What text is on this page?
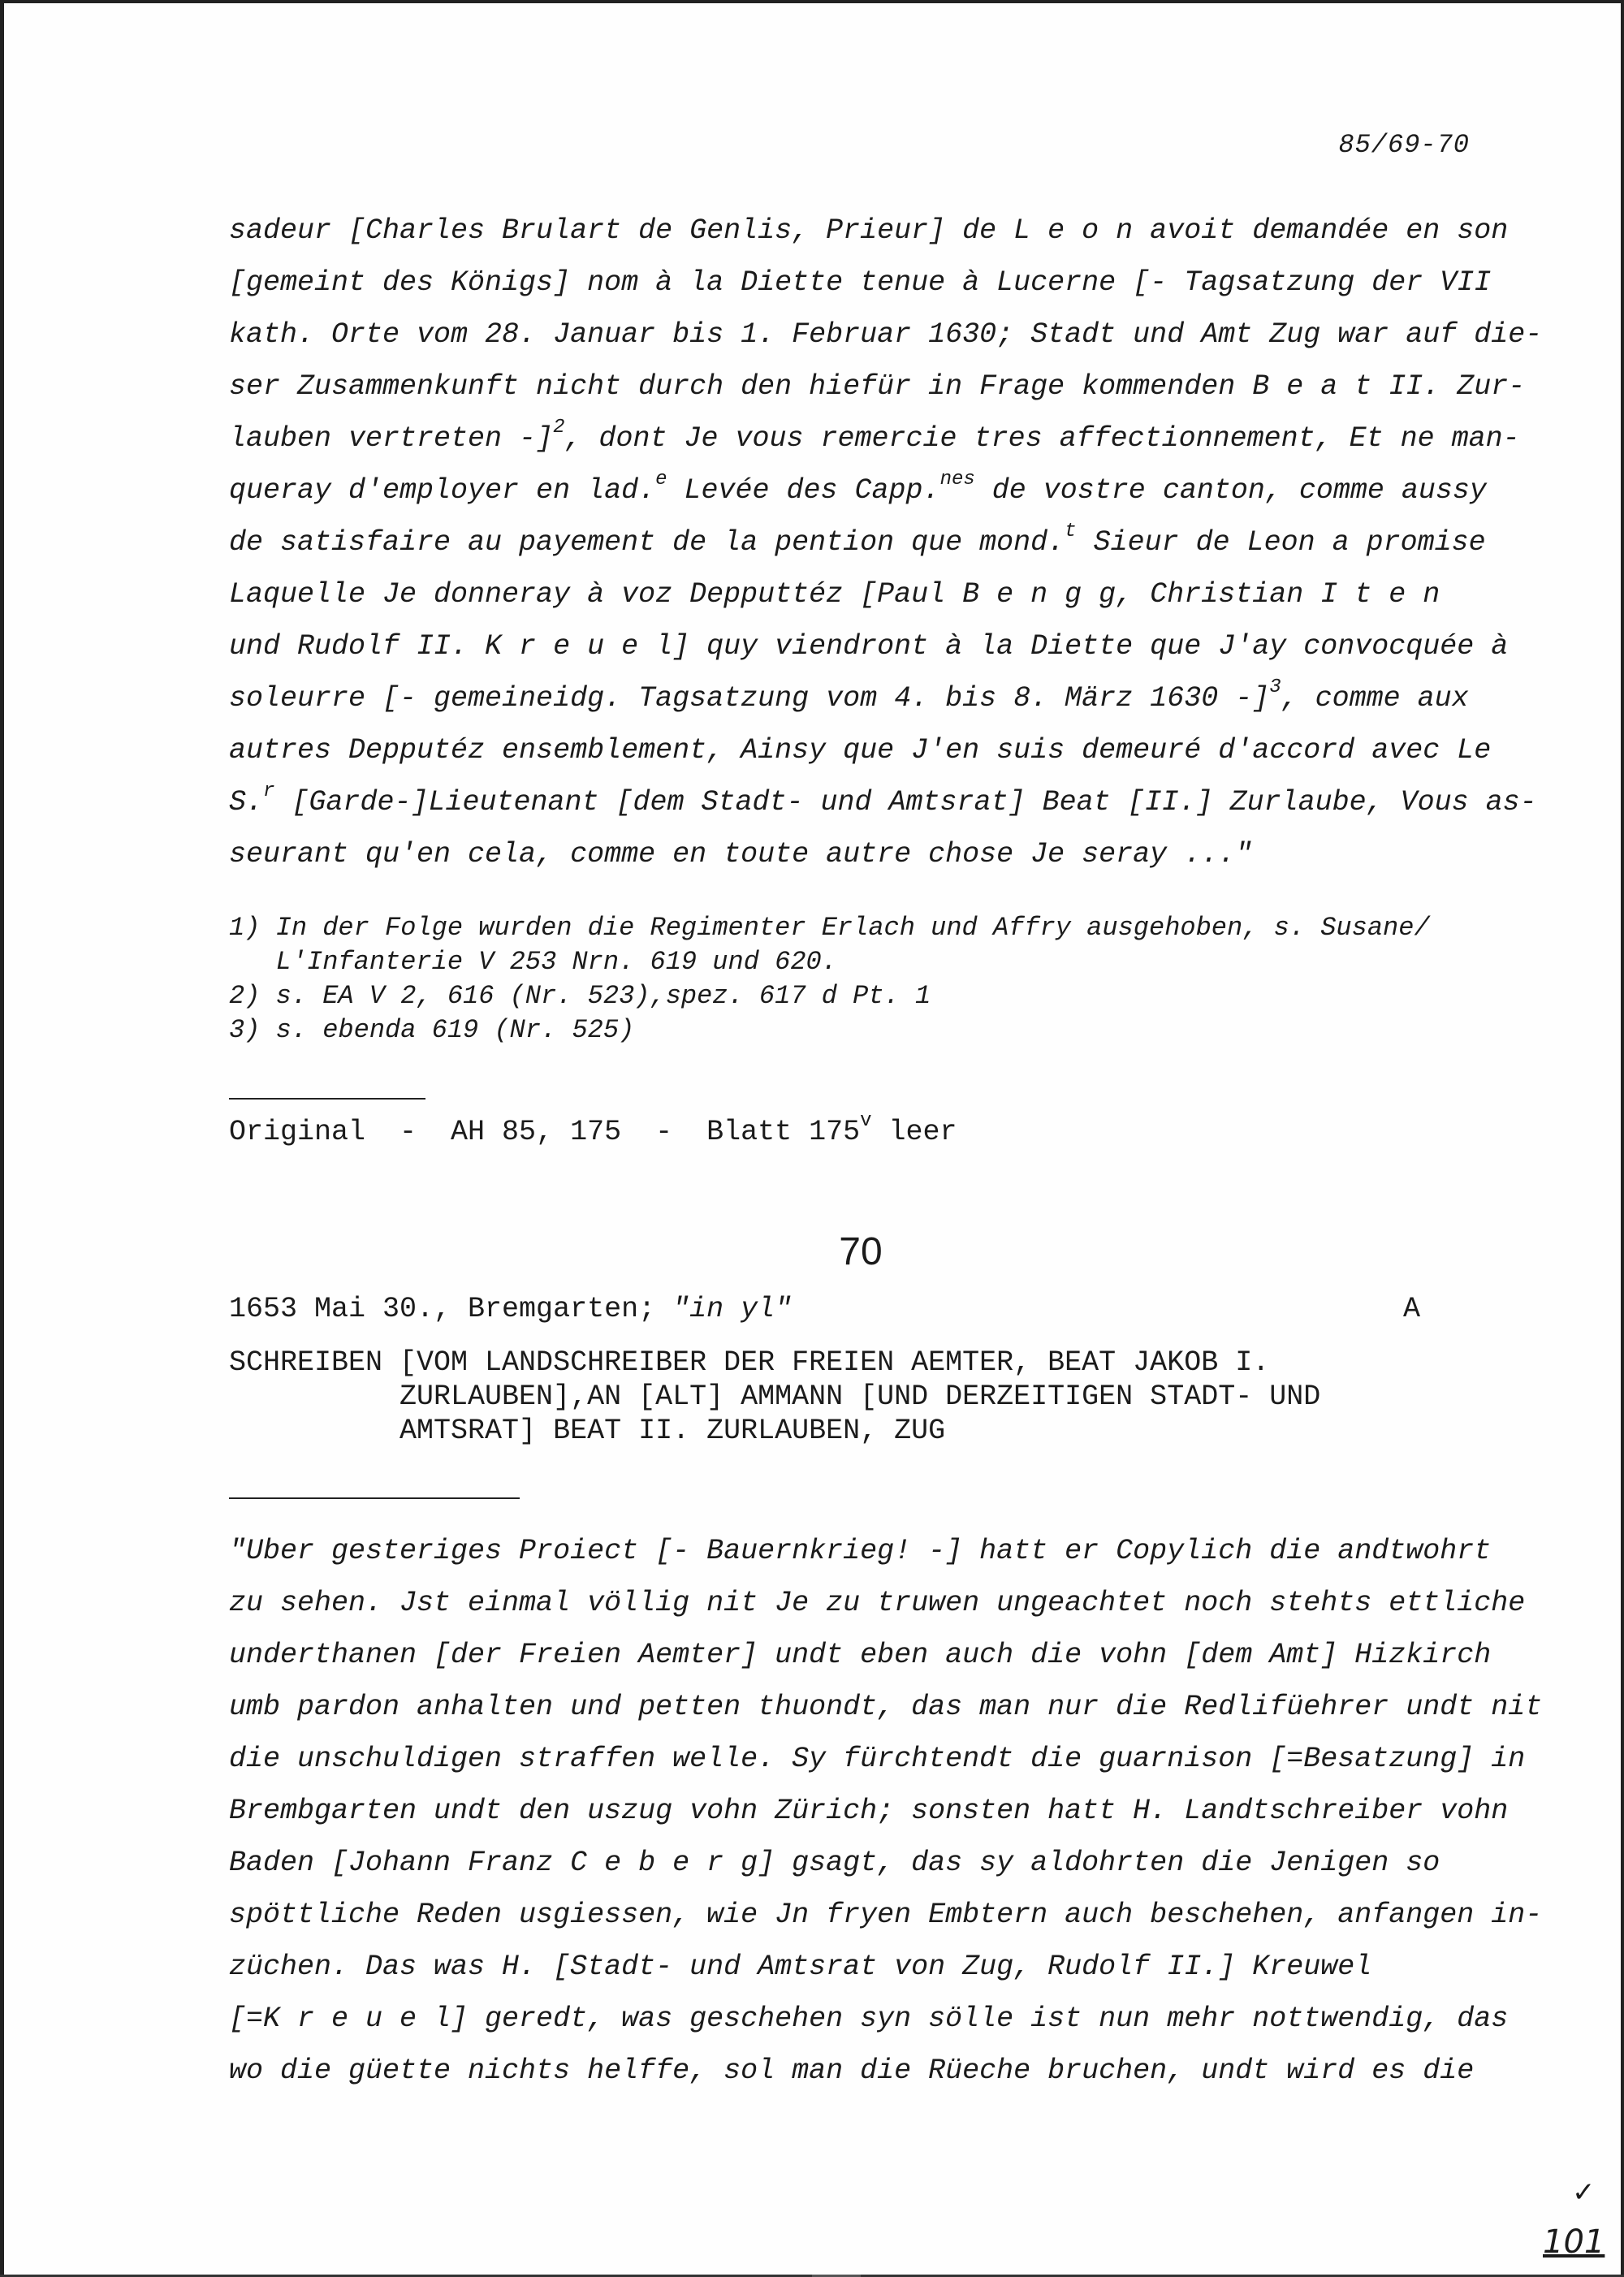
85/69-70
sadeur [Charles Brulart de Genlis, Prieur] de L e o n avoit demandée en son
[gemeint des Königs] nom à la Diette tenue à Lucerne [- Tagsatzung der VII
kath. Orte vom 28. Januar bis 1. Februar 1630; Stadt und Amt Zug war auf die-
ser Zusammenkunft nicht durch den hiefür in Frage kommenden B e a t II. Zur-
lauben vertreten -]$^2$, dont Je vous remercie tres affectionnement, Et ne man-
queray d'employer en lad.$^e$ Levée des Capp.$^{nes}$ de vostre canton, comme aussy
de satisfaire au payement de la pention que mond.$^t$ Sieur de Leon a promise
Laquelle Je donneray à voz Depputtéz [Paul B e n g g, Christian I t e n
und Rudolf II. K r e u e l] quy viendront à la Diette que J'ay convocquée à
soleurre [- gemeineidg. Tagsatzung vom 4. bis 8. März 1630 -]$^3$, comme aux
autres Depputéz ensemblement, Ainsy que J'en suis demeuré d'accord avec Le
S.$^r$ [Garde-]Lieutenant [dem Stadt- und Amtsrat] Beat [II.] Zurlaube, Vous as-
seurant qu'en cela, comme en toute autre chose Je seray ..."
1) In der Folge wurden die Regimenter Erlach und Affry ausgehoben, s. Susane/
L'Infanterie V 253 Nrn. 619 und 620.
2) s. EA V 2, 616 (Nr. 523),spez. 617 d Pt. 1
3) s. ebenda 619 (Nr. 525)
Original  -  AH 85, 175  -  Blatt 175$^v$ leer
70
1653 Mai 30., Bremgarten; "in yl"	A
SCHREIBEN [VOM LANDSCHREIBER DER FREIEN AEMTER, BEAT JAKOB I.
ZURLAUBEN],AN [ALT] AMMANN [UND DERZEITIGEN STADT- UND
AMTSRAT] BEAT II. ZURLAUBEN, ZUG
"Uber gesteriges Proiect [- Bauernkrieg! -] hatt er Copylich die andtwohrt
zu sehen. Jst einmal völlig nit Je zu truwen ungeachtet noch stehts ettliche
underthanen [der Freien Aemter] undt eben auch die vohn [dem Amt] Hizkirch
umb pardon anhalten und petten thuondt, das man nur die Redlifüehrer undt nit
die unschuldigen straffen welle. Sy fürchtendt die guarnison [=Besatzung] in
Brembgarten undt den uszug vohn Zürich; sonsten hatt H. Landtschreiber vohn
Baden [Johann Franz C e b e r g] gsagt, das sy aldohrten die Jenigen so
spöttliche Reden usgiessen, wie Jn fryen Embtern auch beschehen, anfangen in-
züchen. Das was H. [Stadt- und Amtsrat von Zug, Rudolf II.] Kreuwel
[=K r e u e l] geredt, was geschehen syn sölle ist nun mehr nottwendig, das
wo die güette nichts helffe, sol man die Rüeche bruchen, undt wird es die
✓
101
